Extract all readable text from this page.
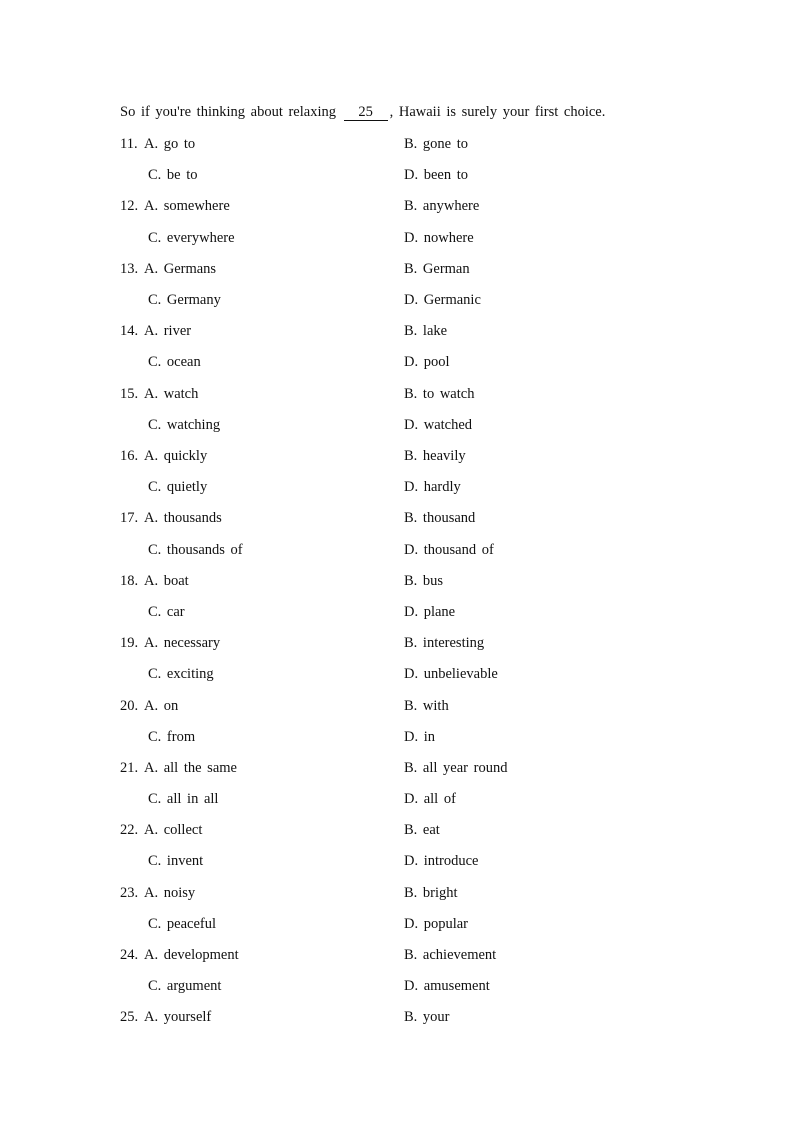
So if you're thinking about relaxing 25 , Hawaii is surely your first choice.
11. A. go to	B. gone to
C. be to	D. been to
12. A. somewhere	B. anywhere
C. everywhere	D. nowhere
13. A. Germans	B. German
C. Germany	D. Germanic
14. A. river	B. lake
C. ocean	D. pool
15. A. watch	B. to watch
C. watching	D. watched
16. A. quickly	B. heavily
C. quietly	D. hardly
17. A. thousands	B. thousand
C. thousands of	D. thousand of
18. A. boat	B. bus
C. car	D. plane
19. A. necessary	B. interesting
C. exciting	D. unbelievable
20. A. on	B. with
C. from	D. in
21. A. all the same	B. all year round
C. all in all	D. all of
22. A. collect	B. eat
C. invent	D. introduce
23. A. noisy	B. bright
C. peaceful	D. popular
24. A. development	B. achievement
C. argument	D. amusement
25. A. yourself	B. your
